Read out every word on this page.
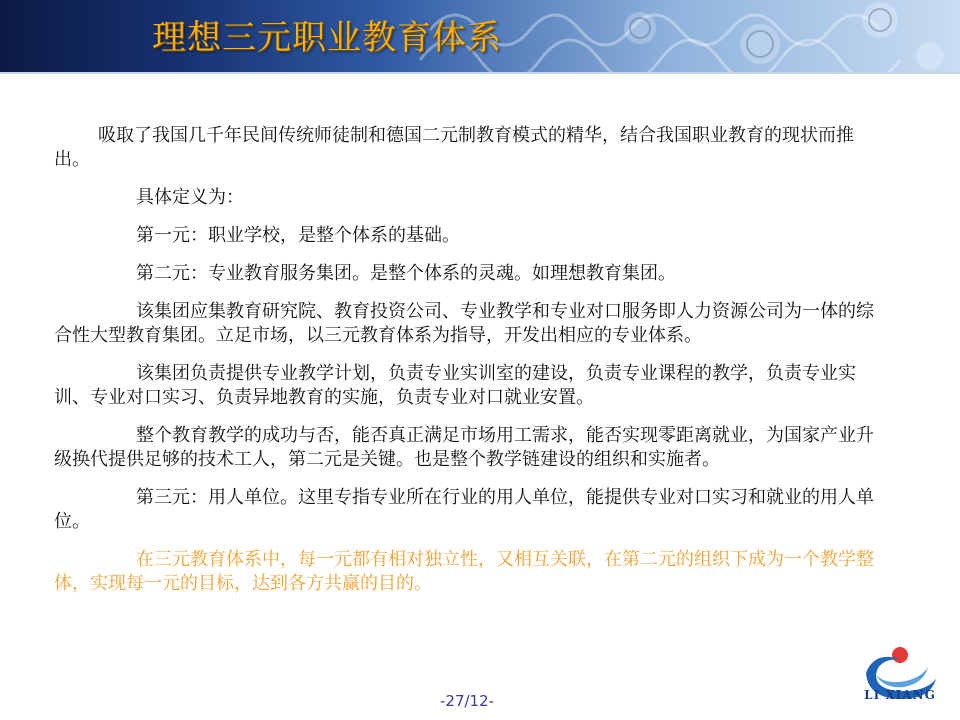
理想三元职业教育体系

吸取了我国几千年民间传统师徒制和德国二元制教育模式的精华，结合我国职业教育的现状而推出。

具体定义为：

第一元：职业学校，是整个体系的基础。

第二元：专业教育服务集团。是整个体系的灵魂。如理想教育集团。

该集团应集教育研究院、教育投资公司、专业教学和专业对口服务即人力资源公司为一体的综合性大型教育集团。立足市场，以三元教育体系为指导，开发出相应的专业体系。

该集团负责提供专业教学计划，负责专业实训室的建设，负责专业课程的教学，负责专业实训、专业对口实习、负责异地教育的实施，负责专业对口就业安置。

整个教育教学的成功与否，能否真正满足市场用工需求，能否实现零距离就业，为国家产业升级换代提供足够的技术工人，第二元是关键。也是整个教学链建设的组织和实施者。

第三元：用人单位。这里专指专业所在行业的用人单位，能提供专业对口实习和就业的用人单位。

在三元教育体系中，每一元都有相对独立性，又相互关联，在第二元的组织下成为一个教学整体，实现每一元的目标，达到各方共赢的目的。

-27/12-	LI XIANG
